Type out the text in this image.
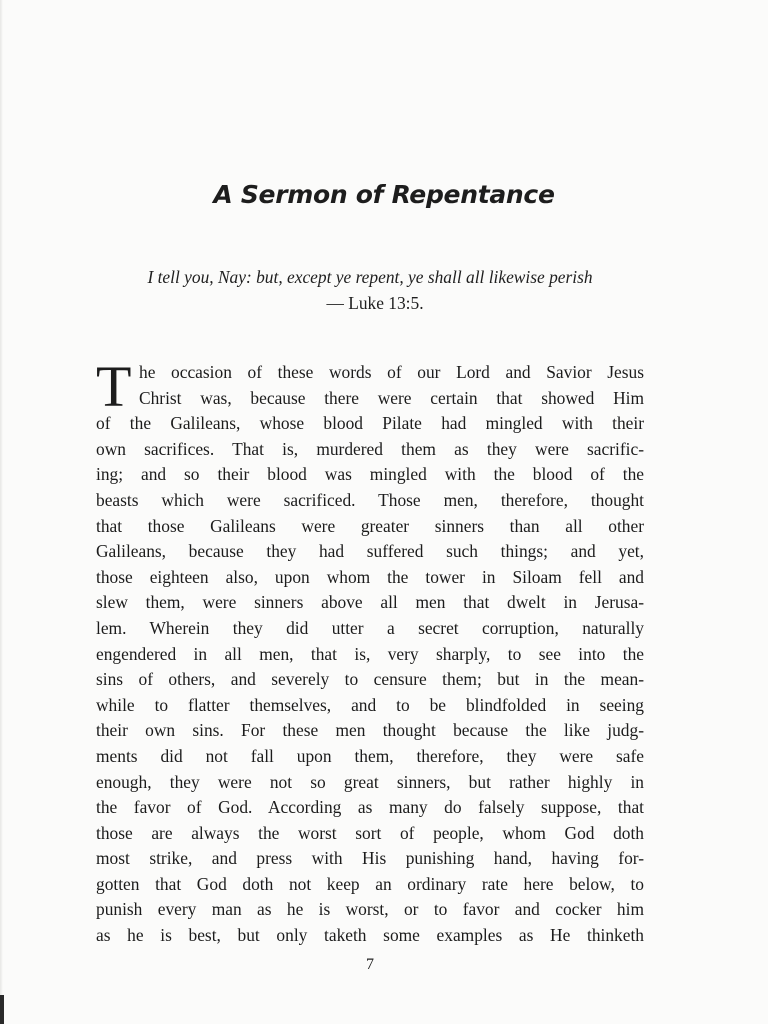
A Sermon of Repentance
I tell you, Nay: but, except ye repent, ye shall all likewise perish
— Luke 13:5.
T he occasion of these words of our Lord and Savior Jesus
Christ was, because there were certain that showed Him
of the Galileans, whose blood Pilate had mingled with their
own sacrifices. That is, murdered them as they were sacrific-
ing; and so their blood was mingled with the blood of the
beasts which were sacrificed. Those men, therefore, thought
that those Galileans were greater sinners than all other
Galileans, because they had suffered such things; and yet,
those eighteen also, upon whom the tower in Siloam fell and
slew them, were sinners above all men that dwelt in Jerusa-
lem. Wherein they did utter a secret corruption, naturally
engendered in all men, that is, very sharply, to see into the
sins of others, and severely to censure them; but in the mean-
while to flatter themselves, and to be blindfolded in seeing
their own sins. For these men thought because the like judg-
ments did not fall upon them, therefore, they were safe
enough, they were not so great sinners, but rather highly in
the favor of God. According as many do falsely suppose, that
those are always the worst sort of people, whom God doth
most strike, and press with His punishing hand, having for-
gotten that God doth not keep an ordinary rate here below, to
punish every man as he is worst, or to favor and cocker him
as he is best, but only taketh some examples as He thinketh
7
